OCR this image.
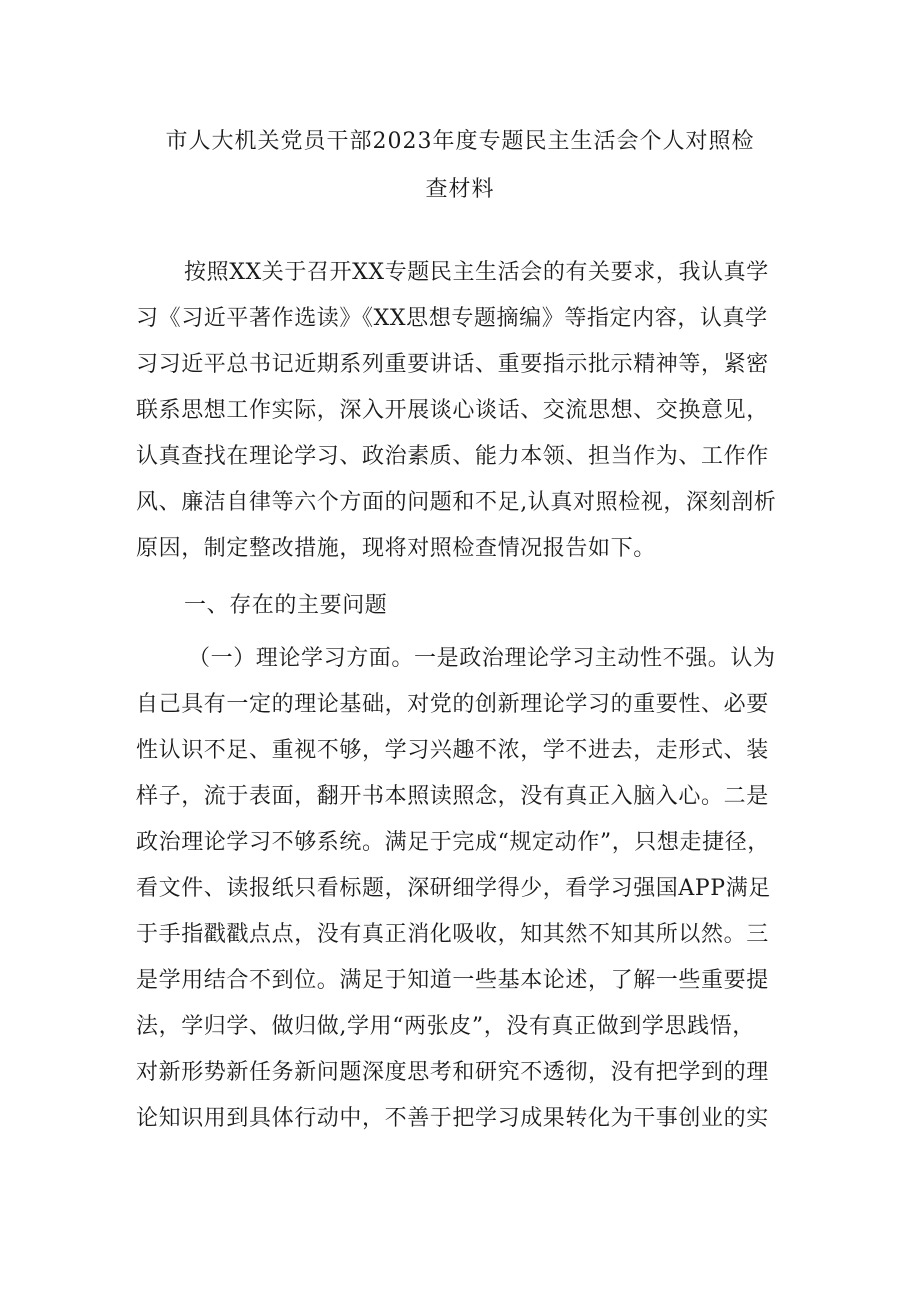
市人大机关党员干部2023年度专题民主生活会个人对照检
查材料
按照XX关于召开XX专题民主生活会的有关要求，我认真学
习《习近平著作选读》《XX思想专题摘编》等指定内容，认真学
习习近平总书记近期系列重要讲话、重要指示批示精神等，紧密
联系思想工作实际，深入开展谈心谈话、交流思想、交换意见，
认真查找在理论学习、政治素质、能力本领、担当作为、工作作
风、廉洁自律等六个方面的问题和不足,认真对照检视，深刻剖析
原因，制定整改措施，现将对照检查情况报告如下。
一、存在的主要问题
（一）理论学习方面。一是政治理论学习主动性不强。认为
自己具有一定的理论基础，对党的创新理论学习的重要性、必要
性认识不足、重视不够，学习兴趣不浓，学不进去，走形式、装
样子，流于表面，翻开书本照读照念，没有真正入脑入心。二是
政治理论学习不够系统。满足于完成“规定动作”，只想走捷径，
看文件、读报纸只看标题，深研细学得少，看学习强国APP满足
于手指戳戳点点，没有真正消化吸收，知其然不知其所以然。三
是学用结合不到位。满足于知道一些基本论述，了解一些重要提
法，学归学、做归做,学用“两张皮”，没有真正做到学思践悟，
对新形势新任务新问题深度思考和研究不透彻，没有把学到的理
论知识用到具体行动中，不善于把学习成果转化为干事创业的实
